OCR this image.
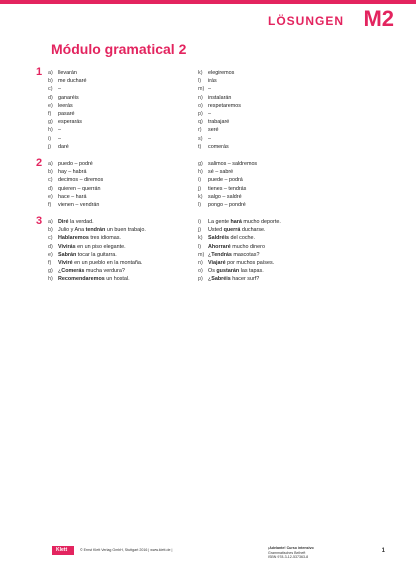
LÖSUNGEN M2
Módulo gramatical 2
1 a) llevarán
b) me ducharé
c) –
d) ganaréis
e) leerás
f) pasaré
g) esperarás
h) –
i) –
j) daré
k) elegiremos
l) irás
m) –
n) instalarán
o) respetaremos
p) –
q) trabajaré
r) seré
s) –
t) comerás
2 a) puedo – podré
b) hay – habrá
c) decimos – diremos
d) quieren – querrán
e) hace – hará
f) vienen – vendrán
g) salimos – saldremos
h) sé – sabré
i) puede – podrá
j) tienes – tendrás
k) salgo – saldré
l) pongo – pondré
3 a) Diré la verdad.
b) Julio y Ana tendrán un buen trabajo.
c) Hablaremos tres idiomas.
d) Vivirás en un piso elegante.
e) Sabrán tocar la guitarra.
f) Viviré en un pueblo en la montaña.
g) ¿Comerás mucha verdura?
h) Recomendaremos un hostal.
i) La gente hará mucho deporte.
j) Usted querrá ducharse.
k) Saldréis del coche.
l) Ahorraré mucho dinero
m) ¿Tendrás mascotas?
n) Viajaré por muchos países.
o) Os gustarán las tapas.
p) ¿Sabréis hacer surf?
Klett	© Ernst Klett Verlag GmbH, Stuttgart 2016 | www.klett.de |	¡Adelante! Curso intensivo
Grammatisches Beiheft
ISBN 978-3-12-537363-8
1
